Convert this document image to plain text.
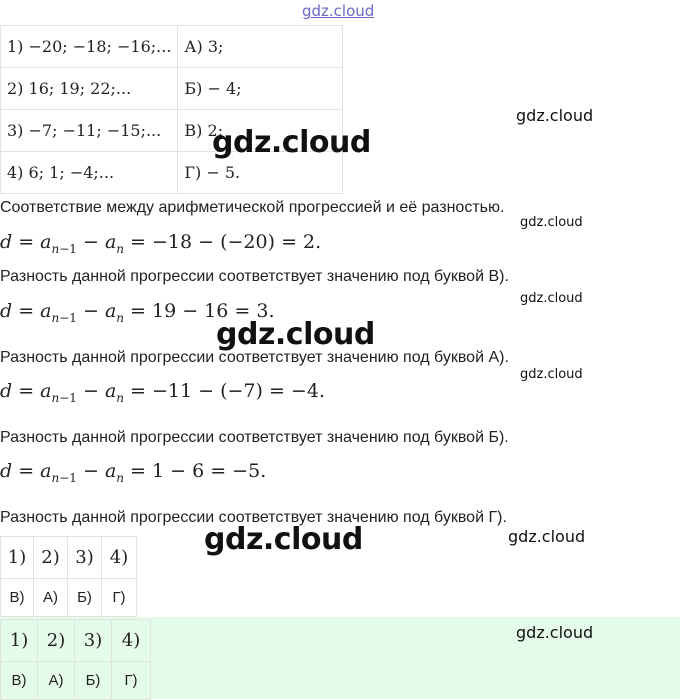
gdz.cloud
1) −20; −18; −16;...	А) 3;
2) 16; 19; 22;...	Б) − 4;
3) −7; −11; −15;...	В) 2;
4) 6; 1; −4;...	Г) − 5.
Соответствие между арифметической прогрессией и её разностью.
$d = a_{n-1} - a_n = -18 - (-20) = 2$.
Разность данной прогрессии соответствует значению под буквой В).
$d = a_{n-1} - a_n = 19 - 16 = 3$.
Разность данной прогрессии соответствует значению под буквой А).
$d = a_{n-1} - a_n = -11 - (-7) = -4$.
Разность данной прогрессии соответствует значению под буквой Б).
$d = a_{n-1} - a_n = 1 - 6 = -5$.
Разность данной прогрессии соответствует значению под буквой Г).
1)	2)	3)	4)
В)	А)	Б)	Г)
1)	2)	3)	4)
В)	А)	Б)	Г)
gdz.cloud
gdz.cloud
gdz.cloud
gdz.cloud
gdz.cloud
gdz.cloud
gdz.cloud	gdz.cloud
gdz.cloud
